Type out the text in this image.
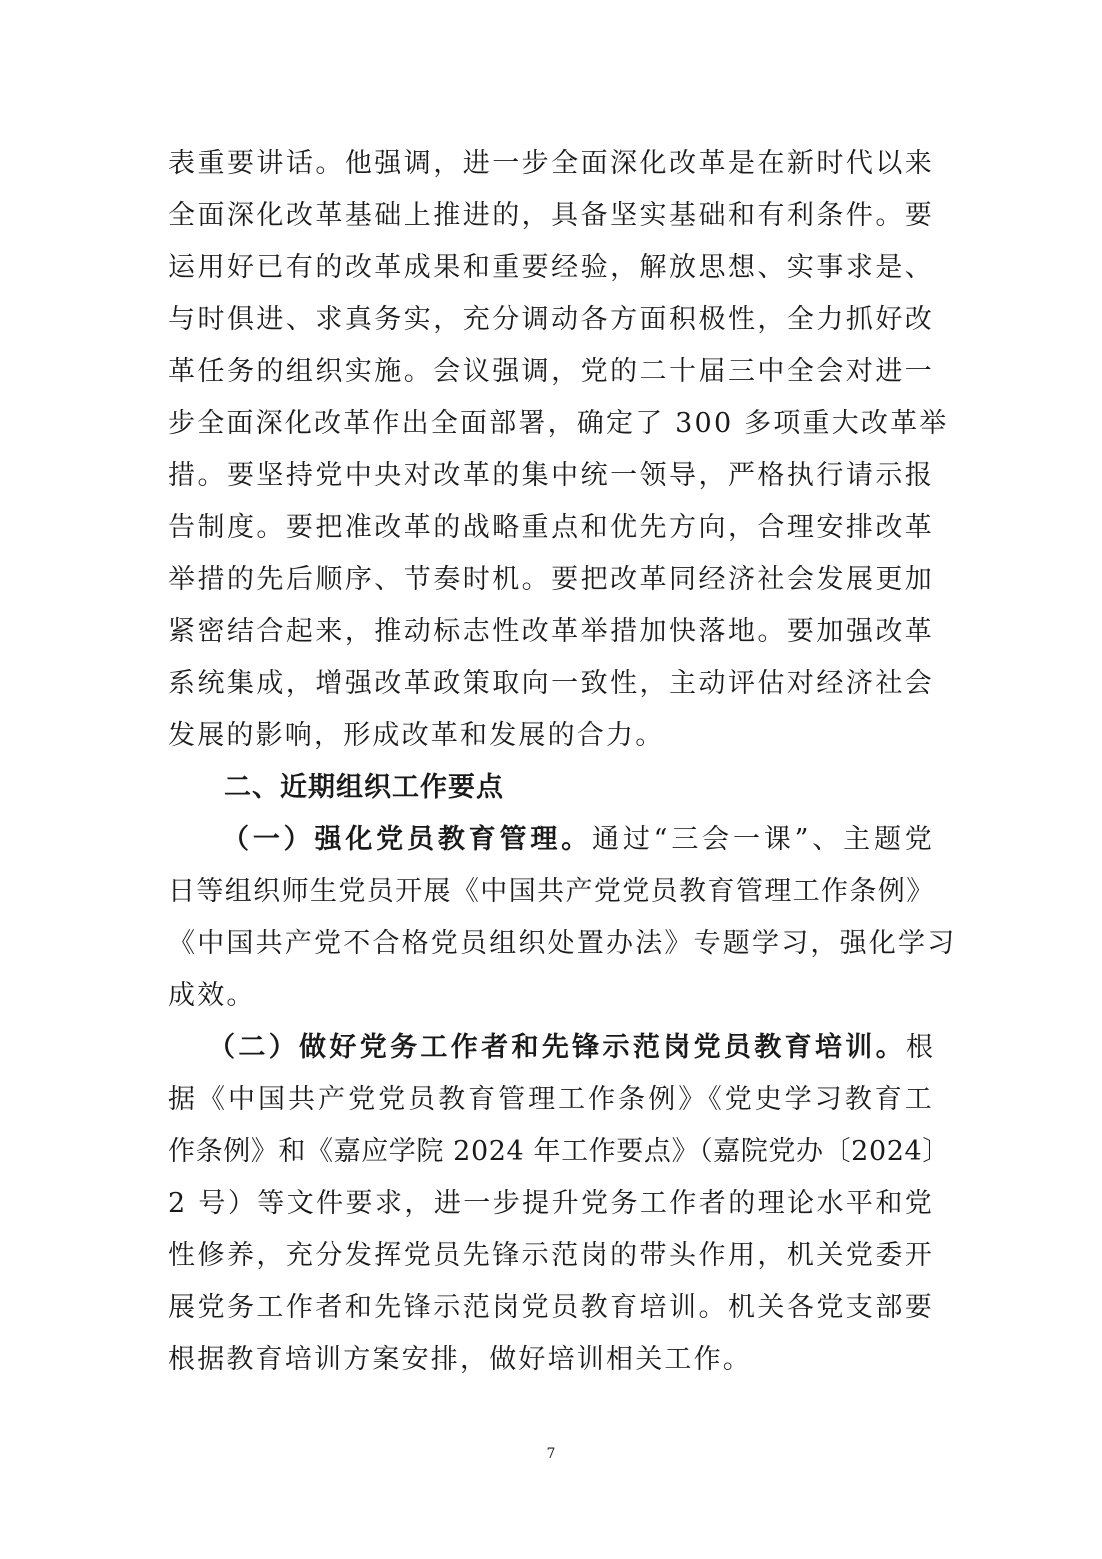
表重要讲话。他强调，进一步全面深化改革是在新时代以来
全面深化改革基础上推进的，具备坚实基础和有利条件。要
运用好已有的改革成果和重要经验，解放思想、实事求是、
与时俱进、求真务实，充分调动各方面积极性，全力抓好改
革任务的组织实施。会议强调，党的二十届三中全会对进一
步全面深化改革作出全面部署，确定了 300 多项重大改革举
措。要坚持党中央对改革的集中统一领导，严格执行请示报
告制度。要把准改革的战略重点和优先方向，合理安排改革
举措的先后顺序、节奏时机。要把改革同经济社会发展更加
紧密结合起来，推动标志性改革举措加快落地。要加强改革
系统集成，增强改革政策取向一致性，主动评估对经济社会
发展的影响，形成改革和发展的合力。
二、近期组织工作要点
（一）强化党员教育管理。通过“三会一课”、主题党
日等组织师生党员开展《中国共产党党员教育管理工作条例》
《中国共产党不合格党员组织处置办法》专题学习，强化学习
成效。
（二）做好党务工作者和先锋示范岗党员教育培训。根
据《中国共产党党员教育管理工作条例》《党史学习教育工
作条例》和《嘉应学院 2024 年工作要点》（嘉院党办〔2024〕
2 号）等文件要求，进一步提升党务工作者的理论水平和党
性修养，充分发挥党员先锋示范岗的带头作用，机关党委开
展党务工作者和先锋示范岗党员教育培训。机关各党支部要
根据教育培训方案安排，做好培训相关工作。
7
